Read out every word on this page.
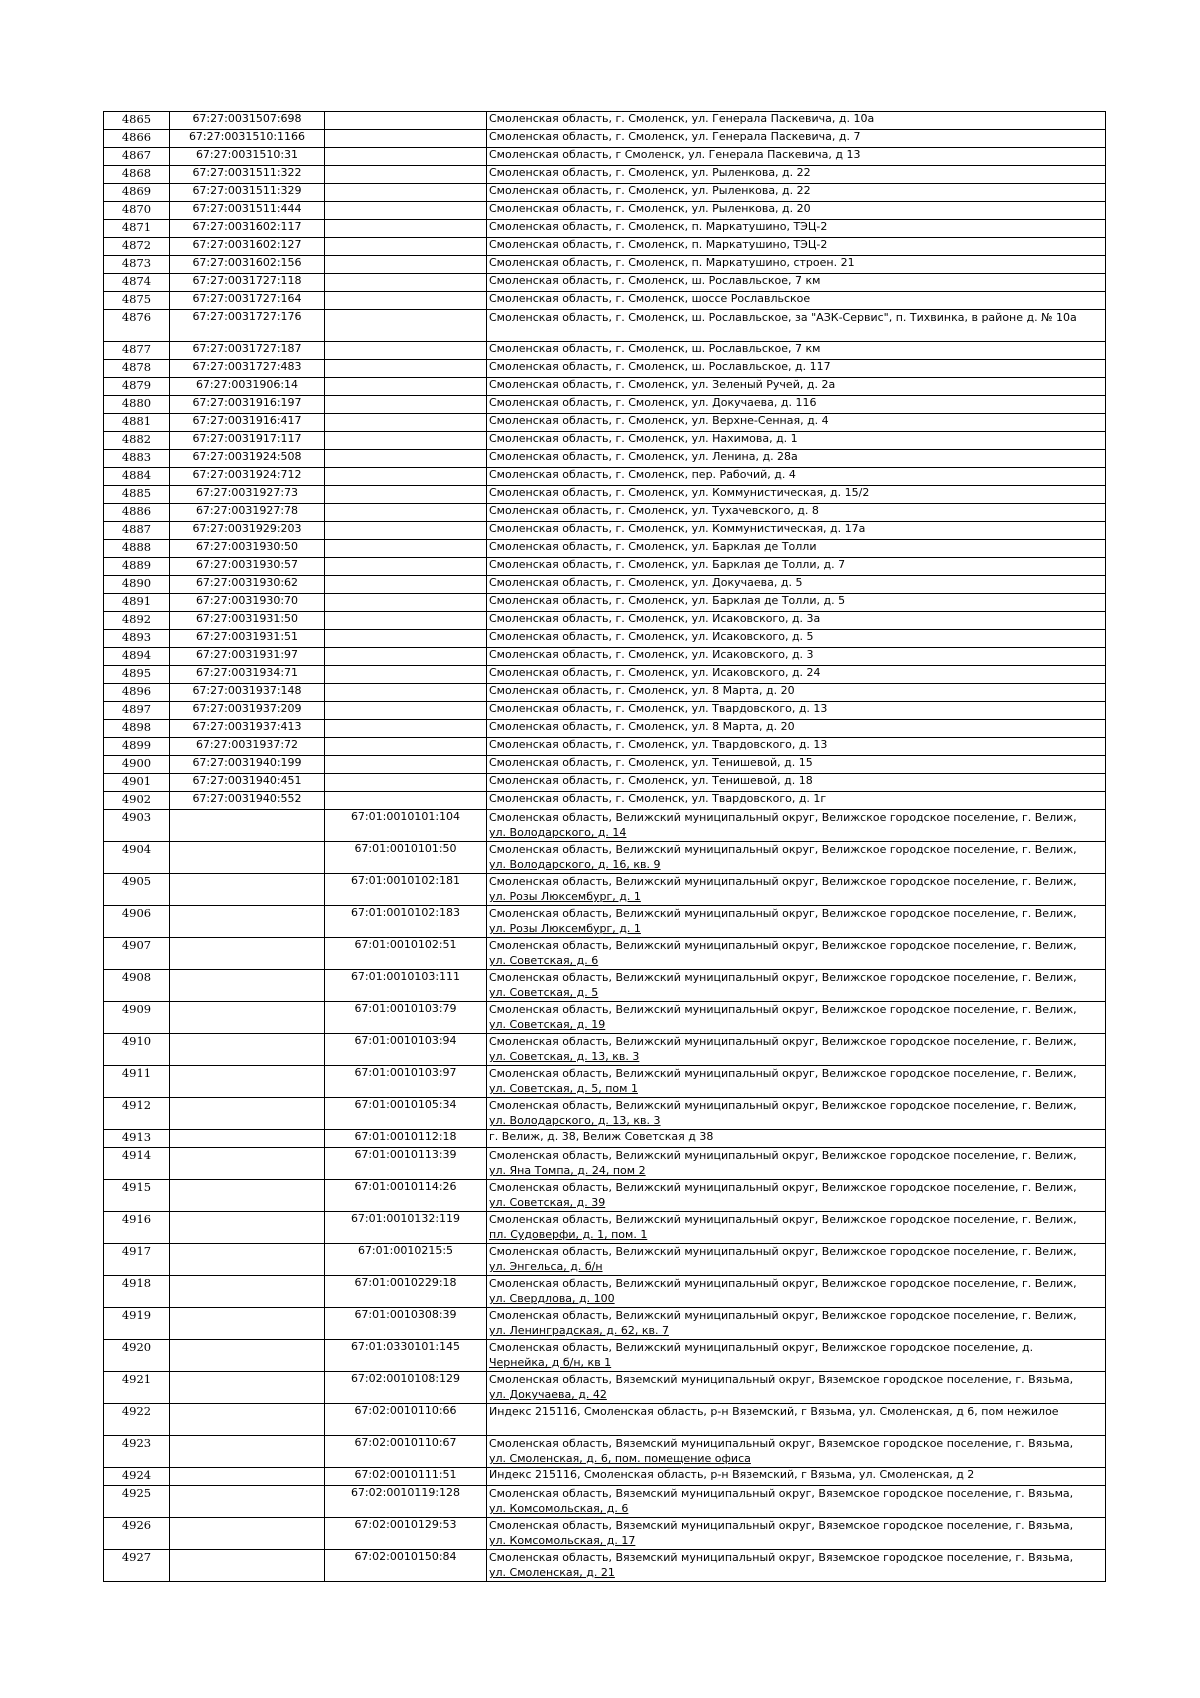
4865	67:27:0031507:698		Смоленская область, г. Смоленск, ул. Генерала Паскевича, д. 10а
4866	67:27:0031510:1166		Смоленская область, г. Смоленск, ул. Генерала Паскевича, д. 7
4867	67:27:0031510:31		Смоленская область, г Смоленск, ул. Генерала Паскевича, д 13
4868	67:27:0031511:322		Смоленская область, г. Смоленск, ул. Рыленкова, д. 22
4869	67:27:0031511:329		Смоленская область, г. Смоленск, ул. Рыленкова, д. 22
4870	67:27:0031511:444		Смоленская область, г. Смоленск, ул. Рыленкова, д. 20
4871	67:27:0031602:117		Смоленская область, г. Смоленск, п. Маркатушино, ТЭЦ-2
4872	67:27:0031602:127		Смоленская область, г. Смоленск, п. Маркатушино, ТЭЦ-2
4873	67:27:0031602:156		Смоленская область, г. Смоленск, п. Маркатушино, строен. 21
4874	67:27:0031727:118		Смоленская область, г. Смоленск, ш. Рославльское, 7 км
4875	67:27:0031727:164		Смоленская область, г. Смоленск, шоссе Рославльское
4876	67:27:0031727:176		Смоленская область, г. Смоленск, ш. Рославльское, за "АЗК-Сервис", п. Тихвинка, в районе д. № 10а

4877	67:27:0031727:187		Смоленская область, г. Смоленск, ш. Рославльское, 7 км
4878	67:27:0031727:483		Смоленская область, г. Смоленск, ш. Рославльское, д. 117
4879	67:27:0031906:14		Смоленская область, г. Смоленск, ул. Зеленый Ручей, д. 2а
4880	67:27:0031916:197		Смоленская область, г. Смоленск, ул. Докучаева, д. 116
4881	67:27:0031916:417		Смоленская область, г. Смоленск, ул. Верхне-Сенная, д. 4
4882	67:27:0031917:117		Смоленская область, г. Смоленск, ул. Нахимова, д. 1
4883	67:27:0031924:508		Смоленская область, г. Смоленск, ул. Ленина, д. 28а
4884	67:27:0031924:712		Смоленская область, г. Смоленск, пер. Рабочий, д. 4
4885	67:27:0031927:73		Смоленская область, г. Смоленск, ул. Коммунистическая, д. 15/2
4886	67:27:0031927:78		Смоленская область, г. Смоленск, ул. Тухачевского, д. 8
4887	67:27:0031929:203		Смоленская область, г. Смоленск, ул. Коммунистическая, д. 17а
4888	67:27:0031930:50		Смоленская область, г. Смоленск, ул. Барклая де Толли
4889	67:27:0031930:57		Смоленская область, г. Смоленск, ул. Барклая де Толли, д. 7
4890	67:27:0031930:62		Смоленская область, г. Смоленск, ул. Докучаева, д. 5
4891	67:27:0031930:70		Смоленская область, г. Смоленск, ул. Барклая де Толли, д. 5
4892	67:27:0031931:50		Смоленская область, г. Смоленск, ул. Исаковского, д. 3а
4893	67:27:0031931:51		Смоленская область, г. Смоленск, ул. Исаковского, д. 5
4894	67:27:0031931:97		Смоленская область, г. Смоленск, ул. Исаковского, д. 3
4895	67:27:0031934:71		Смоленская область, г. Смоленск, ул. Исаковского, д. 24
4896	67:27:0031937:148		Смоленская область, г. Смоленск, ул. 8 Марта, д. 20
4897	67:27:0031937:209		Смоленская область, г. Смоленск, ул. Твардовского, д. 13
4898	67:27:0031937:413		Смоленская область, г. Смоленск, ул. 8 Марта, д. 20
4899	67:27:0031937:72		Смоленская область, г. Смоленск, ул. Твардовского, д. 13
4900	67:27:0031940:199		Смоленская область, г. Смоленск, ул. Тенишевой, д. 15
4901	67:27:0031940:451		Смоленская область, г. Смоленск, ул. Тенишевой, д. 18
4902	67:27:0031940:552		Смоленская область, г. Смоленск, ул. Твардовского, д. 1г
4903		67:01:0010101:104	Смоленская область, Велижский муниципальный округ, Велижское городское поселение, г. Велиж,
ул. Володарского, д. 14

4904		67:01:0010101:50	Смоленская область, Велижский муниципальный округ, Велижское городское поселение, г. Велиж,
ул. Володарского, д. 16, кв. 9

4905		67:01:0010102:181	Смоленская область, Велижский муниципальный округ, Велижское городское поселение, г. Велиж,
ул. Розы Люксембург, д. 1

4906		67:01:0010102:183	Смоленская область, Велижский муниципальный округ, Велижское городское поселение, г. Велиж,
ул. Розы Люксембург, д. 1

4907		67:01:0010102:51	Смоленская область, Велижский муниципальный округ, Велижское городское поселение, г. Велиж,
ул. Советская, д. 6

4908		67:01:0010103:111	Смоленская область, Велижский муниципальный округ, Велижское городское поселение, г. Велиж,
ул. Советская, д. 5

4909		67:01:0010103:79	Смоленская область, Велижский муниципальный округ, Велижское городское поселение, г. Велиж,
ул. Советская, д. 19

4910		67:01:0010103:94	Смоленская область, Велижский муниципальный округ, Велижское городское поселение, г. Велиж,
ул. Советская, д. 13, кв. 3

4911		67:01:0010103:97	Смоленская область, Велижский муниципальный округ, Велижское городское поселение, г. Велиж,
ул. Советская, д. 5, пом 1

4912		67:01:0010105:34	Смоленская область, Велижский муниципальный округ, Велижское городское поселение, г. Велиж,
ул. Володарского, д. 13, кв. 3

4913		67:01:0010112:18	г. Велиж, д. 38, Велиж Советская д 38
4914		67:01:0010113:39	Смоленская область, Велижский муниципальный округ, Велижское городское поселение, г. Велиж,
ул. Яна Томпа, д. 24, пом 2

4915		67:01:0010114:26	Смоленская область, Велижский муниципальный округ, Велижское городское поселение, г. Велиж,
ул. Советская, д. 39

4916		67:01:0010132:119	Смоленская область, Велижский муниципальный округ, Велижское городское поселение, г. Велиж,
пл. Судоверфи, д. 1, пом. 1

4917		67:01:0010215:5	Смоленская область, Велижский муниципальный округ, Велижское городское поселение, г. Велиж,
ул. Энгельса, д. б/н

4918		67:01:0010229:18	Смоленская область, Велижский муниципальный округ, Велижское городское поселение, г. Велиж,
ул. Свердлова, д. 100

4919		67:01:0010308:39	Смоленская область, Велижский муниципальный округ, Велижское городское поселение, г. Велиж,
ул. Ленинградская, д. 62, кв. 7

4920		67:01:0330101:145	Смоленская область, Велижский муниципальный округ, Велижское городское поселение, д.
Чернейка, д б/н, кв 1

4921		67:02:0010108:129	Смоленская область, Вяземский муниципальный округ, Вяземское городское поселение, г. Вязьма,
ул. Докучаева, д. 42

4922		67:02:0010110:66	Индекс 215116, Смоленская область, р-н Вяземский, г Вязьма, ул. Смоленская, д 6, пом нежилое

4923		67:02:0010110:67	Смоленская область, Вяземский муниципальный округ, Вяземское городское поселение, г. Вязьма,
ул. Смоленская, д. 6, пом. помещение офиса

4924		67:02:0010111:51	Индекс 215116, Смоленская область, р-н Вяземский, г Вязьма, ул. Смоленская, д 2
4925		67:02:0010119:128	Смоленская область, Вяземский муниципальный округ, Вяземское городское поселение, г. Вязьма,
ул. Комсомольская, д. 6

4926		67:02:0010129:53	Смоленская область, Вяземский муниципальный округ, Вяземское городское поселение, г. Вязьма,
ул. Комсомольская, д. 17

4927		67:02:0010150:84	Смоленская область, Вяземский муниципальный округ, Вяземское городское поселение, г. Вязьма,
ул. Смоленская, д. 21
